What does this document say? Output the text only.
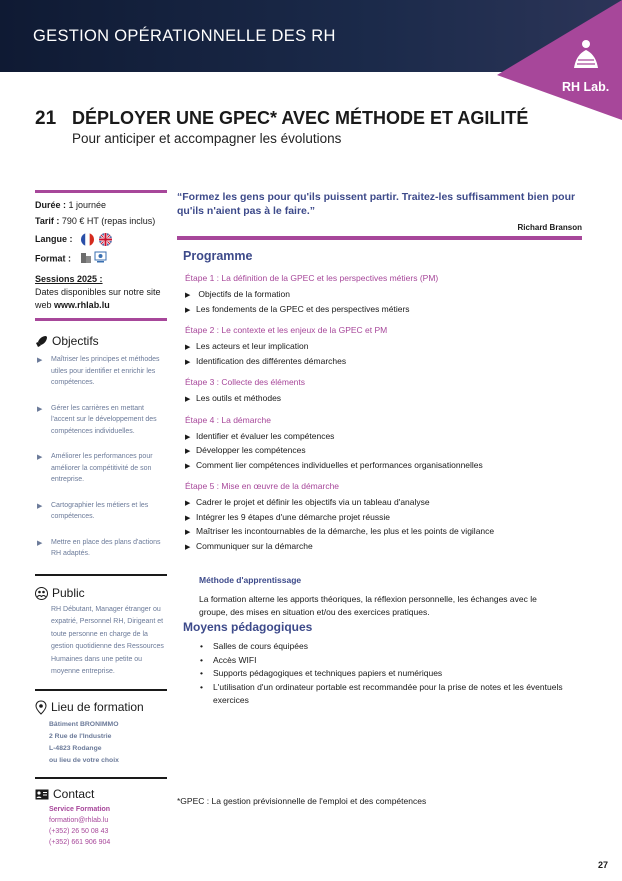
GESTION OPÉRATIONNELLE DES RH
RH Lab.
21 DÉPLOYER UNE GPEC* AVEC MÉTHODE ET AGILITÉ
Pour anticiper et accompagner les évolutions

Durée : 1 journée

Tarif : 790 € HT (repas inclus)

Langue :

Format :

Sessions 2025 :

Dates disponibles sur notre site web www.rhlab.lu

Objectifs
▶ Maîtriser les principes et méthodes utiles pour identifier et enrichir les compétences.
▶ Gérer les carrières en mettant l'accent sur le développement des compétences individuelles.
▶ Améliorer les performances pour améliorer la compétitivité de son entreprise.
▶ Cartographier les métiers et les compétences.
▶ Mettre en place des plans d'actions RH adaptés.
Public
RH Débutant, Manager étranger ou expatrié, Personnel RH, Dirigeant et toute personne en charge de la gestion quotidienne des Ressources Humaines dans une petite ou moyenne entreprise.
Lieu de formation
Bâtiment BRONIMMO
2 Rue de l'Industrie
L-4823 Rodange
ou lieu de votre choix
Contact
Service Formation
formation@rhlab.lu
(+352) 26 50 08 43
(+352) 661 906 904

“Formez les gens pour qu'ils puissent partir. Traitez-les suffisamment bien pour qu'ils n'aient pas à le faire.”

Richard Branson
Programme
Étape 1 : La définition de la GPEC et les perspectives métiers (PM)
▶ Objectifs de la formation
▶ Les fondements de la GPEC et des perspectives métiers
Étape 2 : Le contexte et les enjeux de la GPEC et PM
▶ Les acteurs et leur implication
▶ Identification des différentes démarches
Étape 3 : Collecte des éléments
▶ Les outils et méthodes
Étape 4 : La démarche
▶ Identifier et évaluer les compétences
▶ Développer les compétences
▶ Comment lier compétences individuelles et performances organisationnelles
Étape 5 : Mise en œuvre de la démarche
▶ Cadrer le projet et définir les objectifs via un tableau d'analyse
▶ Intégrer les 9 étapes d'une démarche projet réussie
▶ Maîtriser les incontournables de la démarche, les plus et les points de vigilance
▶ Communiquer sur la démarche

Méthode d'apprentissage

La formation alterne les apports théoriques, la réflexion personnelle, les échanges avec le groupe, des mises en situation et/ou des exercices pratiques.

Moyens pédagogiques

• Salles de cours équipées
• Accès WIFI
• Supports pédagogiques et techniques papiers et numériques
• L'utilisation d'un ordinateur portable est recommandée pour la prise de notes et les éventuels exercices
*GPEC : La gestion prévisionnelle de l'emploi et des compétences
27
